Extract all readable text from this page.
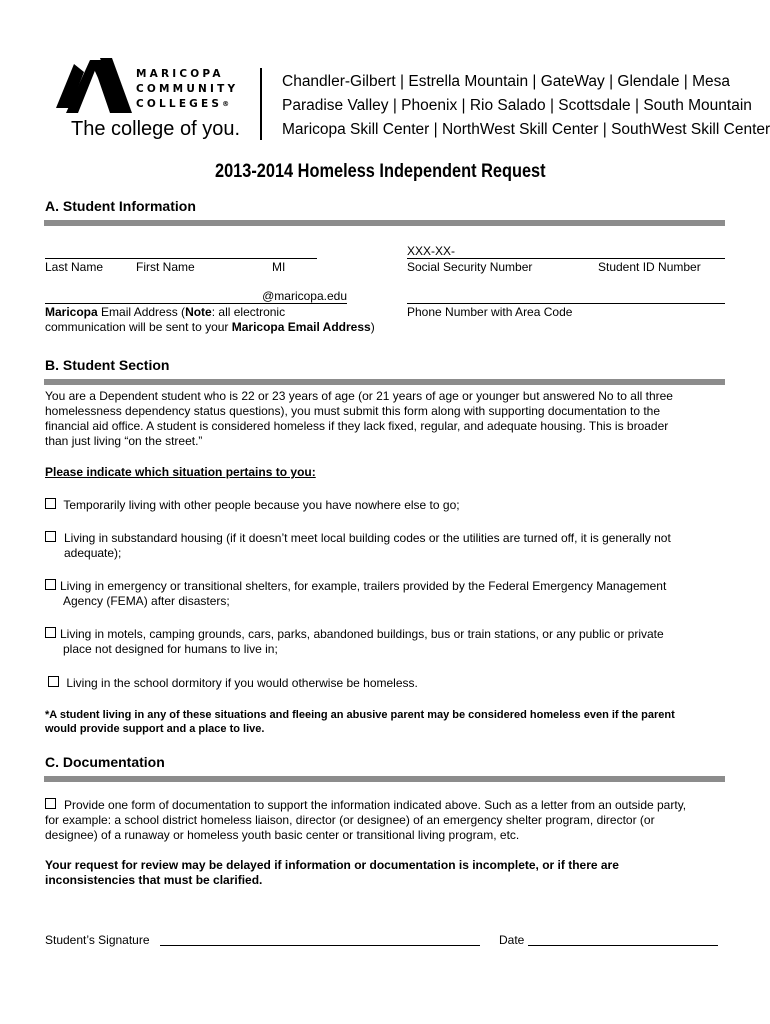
MARICOPA
COMMUNITY
COLLEGES®
The college of you.
Chandler-Gilbert | Estrella Mountain | GateWay | Glendale | Mesa
Paradise Valley | Phoenix | Rio Salado | Scottsdale | South Mountain
Maricopa Skill Center | NorthWest Skill Center | SouthWest Skill Center
2013-2014 Homeless Independent Request
A. Student Information
Last Name	First Name	MI
XXX-XX-
Social Security Number	Student ID Number
@maricopa.edu
Maricopa Email Address (Note: all electronic
communication will be sent to your Maricopa Email Address)
Phone Number with Area Code
B. Student Section
You are a Dependent student who is 22 or 23 years of age (or 21 years of age or younger but answered No to all three
homelessness dependency status questions), you must submit this form along with supporting documentation to the
financial aid office. A student is considered homeless if they lack fixed, regular, and adequate housing. This is broader
than just living “on the street.”
Please indicate which situation pertains to you:
Temporarily living with other people because you have nowhere else to go;
Living in substandard housing (if it doesn’t meet local building codes or the utilities are turned off, it is generally not
adequate);
Living in emergency or transitional shelters, for example, trailers provided by the Federal Emergency Management
Agency (FEMA) after disasters;
Living in motels, camping grounds, cars, parks, abandoned buildings, bus or train stations, or any public or private
place not designed for humans to live in;
Living in the school dormitory if you would otherwise be homeless.
*A student living in any of these situations and fleeing an abusive parent may be considered homeless even if the parent
would provide support and a place to live.
C. Documentation
Provide one form of documentation to support the information indicated above. Such as a letter from an outside party,
for example: a school district homeless liaison, director (or designee) of an emergency shelter program, director (or
designee) of a runaway or homeless youth basic center or transitional living program, etc.
Your request for review may be delayed if information or documentation is incomplete, or if there are
inconsistencies that must be clarified.
Student’s Signature	Date
